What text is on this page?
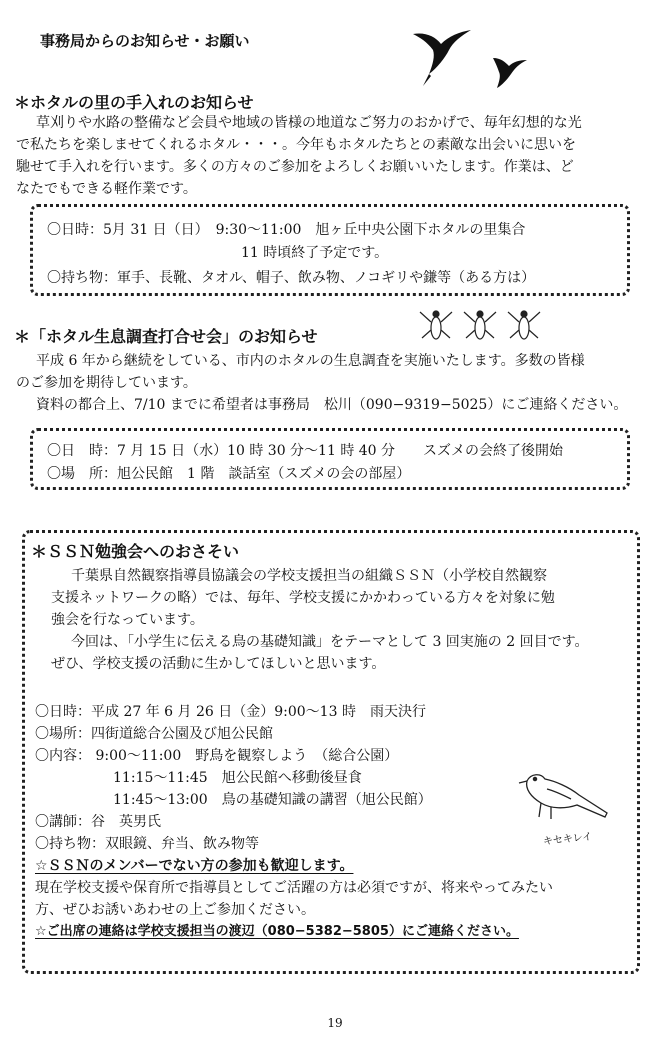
事務局からのお知らせ・お願い
＊ホタルの里の手入れのお知らせ
草刈りや水路の整備など会員や地域の皆様の地道なご努力のおかげで、毎年幻想的な光
で私たちを楽しませてくれるホタル・・・。今年もホタルたちとの素敵な出会いに思いを
馳せて手入れを行います。多くの方々のご参加をよろしくお願いいたします。作業は、ど
なたでもできる軽作業です。
〇日時：5月 31 日（日）　9:30〜11:00　旭ヶ丘中央公園下ホタルの里集合
11 時頃終了予定です。
〇持ち物：軍手、長靴、タオル、帽子、飲み物、ノコギリや鎌等（ある方は）
＊「ホタル生息調査打合せ会」のお知らせ
平成 6 年から継続をしている、市内のホタルの生息調査を実施いたします。多数の皆様
のご参加を期待しています。
資料の都合上、7/10 までに希望者は事務局　松川（090−9319−5025）にご連絡ください。
〇日　時：7 月 15 日（水）10 時 30 分〜11 時 40 分　　スズメの会終了後開始
〇場　所：旭公民館　1 階　談話室（スズメの会の部屋）
＊ＳＳＮ勉強会へのおさそい
千葉県自然観察指導員協議会の学校支援担当の組織ＳＳＮ（小学校自然観察
支援ネットワークの略）では、毎年、学校支援にかかわっている方々を対象に勉
強会を行なっています。
今回は、「小学生に伝える鳥の基礎知識」をテーマとして 3 回実施の 2 回目です。
ぜひ、学校支援の活動に生かしてほしいと思います。
〇日時：平成 27 年 6 月 26 日（金）9:00〜13 時　雨天決行
〇場所：四街道総合公園及び旭公民館
〇内容： 9:00〜11:00　野鳥を観察しよう　（総合公園）
11:15〜11:45　旭公民館へ移動後昼食
11:45〜13:00　鳥の基礎知識の講習（旭公民館）
〇講師：谷　英男氏
〇持ち物：双眼鏡、弁当、飲み物等
☆ＳＳＮのメンバーでない方の参加も歓迎します。
現在学校支援や保育所で指導員としてご活躍の方は必須ですが、将来やってみたい
方、ぜひお誘いあわせの上ご参加ください。
☆ご出席の連絡は学校支援担当の渡辺（080−5382−5805）にご連絡ください。
キセキレイ
19
